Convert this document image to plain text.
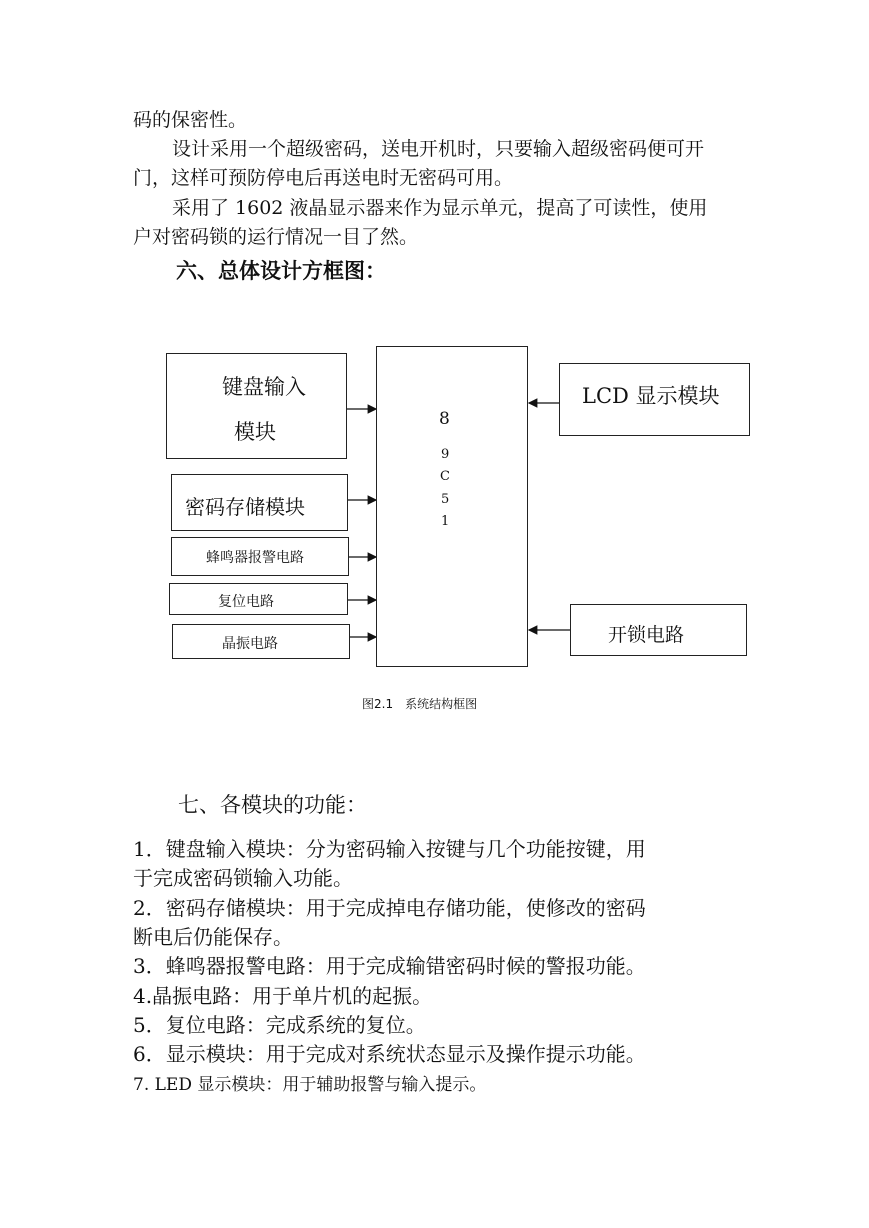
码的保密性。
设计采用一个超级密码，送电开机时，只要输入超级密码便可开
门，这样可预防停电后再送电时无密码可用。
采用了 1602 液晶显示器来作为显示单元，提高了可读性，使用
户对密码锁的运行情况一目了然。
六、总体设计方框图：
8
9
C
5
1
键盘输入
模块
密码存储模块
蜂鸣器报警电路
复位电路
晶振电路
LCD 显示模块
开锁电路
图2.1　系统结构框图
七、各模块的功能：
1．键盘输入模块：分为密码输入按键与几个功能按键，用
于完成密码锁输入功能。
2．密码存储模块：用于完成掉电存储功能，使修改的密码
断电后仍能保存。
3．蜂鸣器报警电路：用于完成输错密码时候的警报功能。
4.晶振电路：用于单片机的起振。
5．复位电路：完成系统的复位。
6．显示模块：用于完成对系统状态显示及操作提示功能。
7. LED 显示模块：用于辅助报警与输入提示。
